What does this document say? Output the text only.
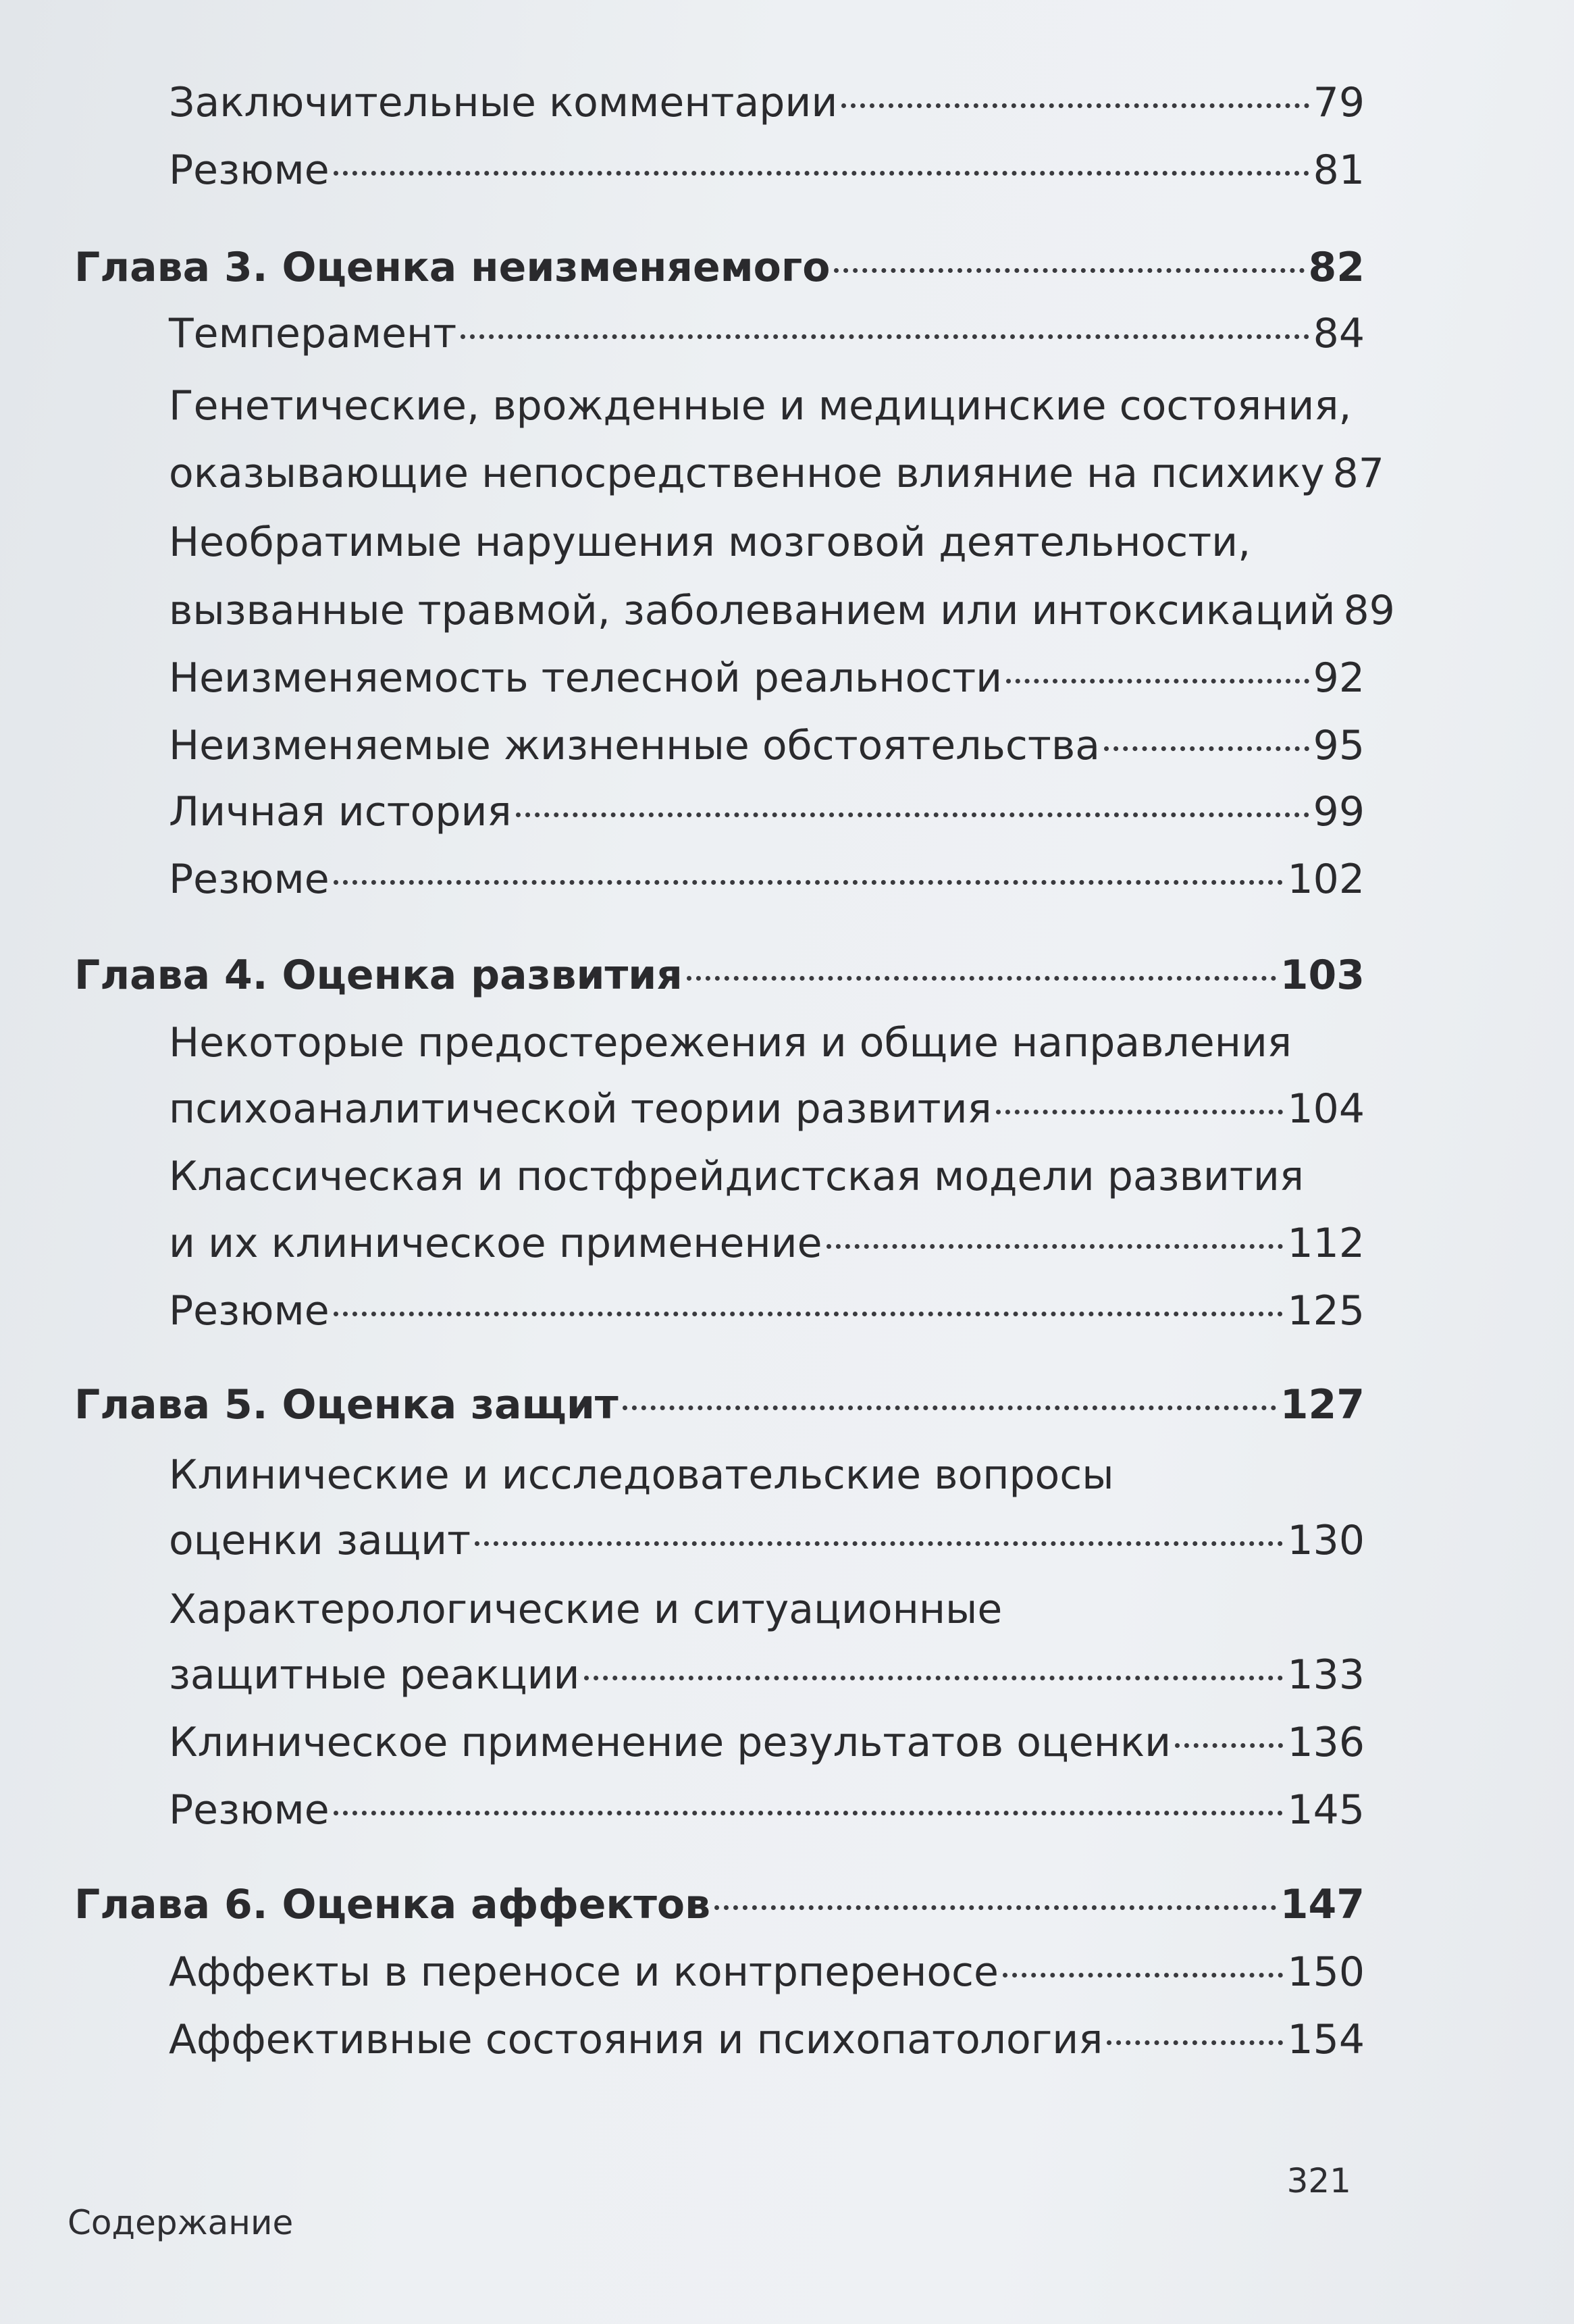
Заключительные комментарии	79
Резюме	81
Глава 3. Оценка неизменяемого	82
Темперамент	84
Генетические, врожденные и медицинские состояния,
оказывающие непосредственное влияние на психику 87
Необратимые нарушения мозговой деятельности,
вызванные травмой, заболеванием или интоксикаций 89
Неизменяемость телесной реальности	92
Неизменяемые жизненные обстоятельства	95
Личная история	99
Резюме	102
Глава 4. Оценка развития	103
Некоторые предостережения и общие направления
психоаналитической теории развития	104
Классическая и постфрейдистская модели развития
и их клиническое применение	112
Резюме	125
Глава 5. Оценка защит	127
Клинические и исследовательские вопросы
оценки защит	130
Характерологические и ситуационные
защитные реакции	133
Клиническое применение результатов оценки	136
Резюме	145
Глава 6. Оценка аффектов	147
Аффекты в переносе и контрпереносе	150
Аффективные состояния и психопатология	154
321
Содержание
